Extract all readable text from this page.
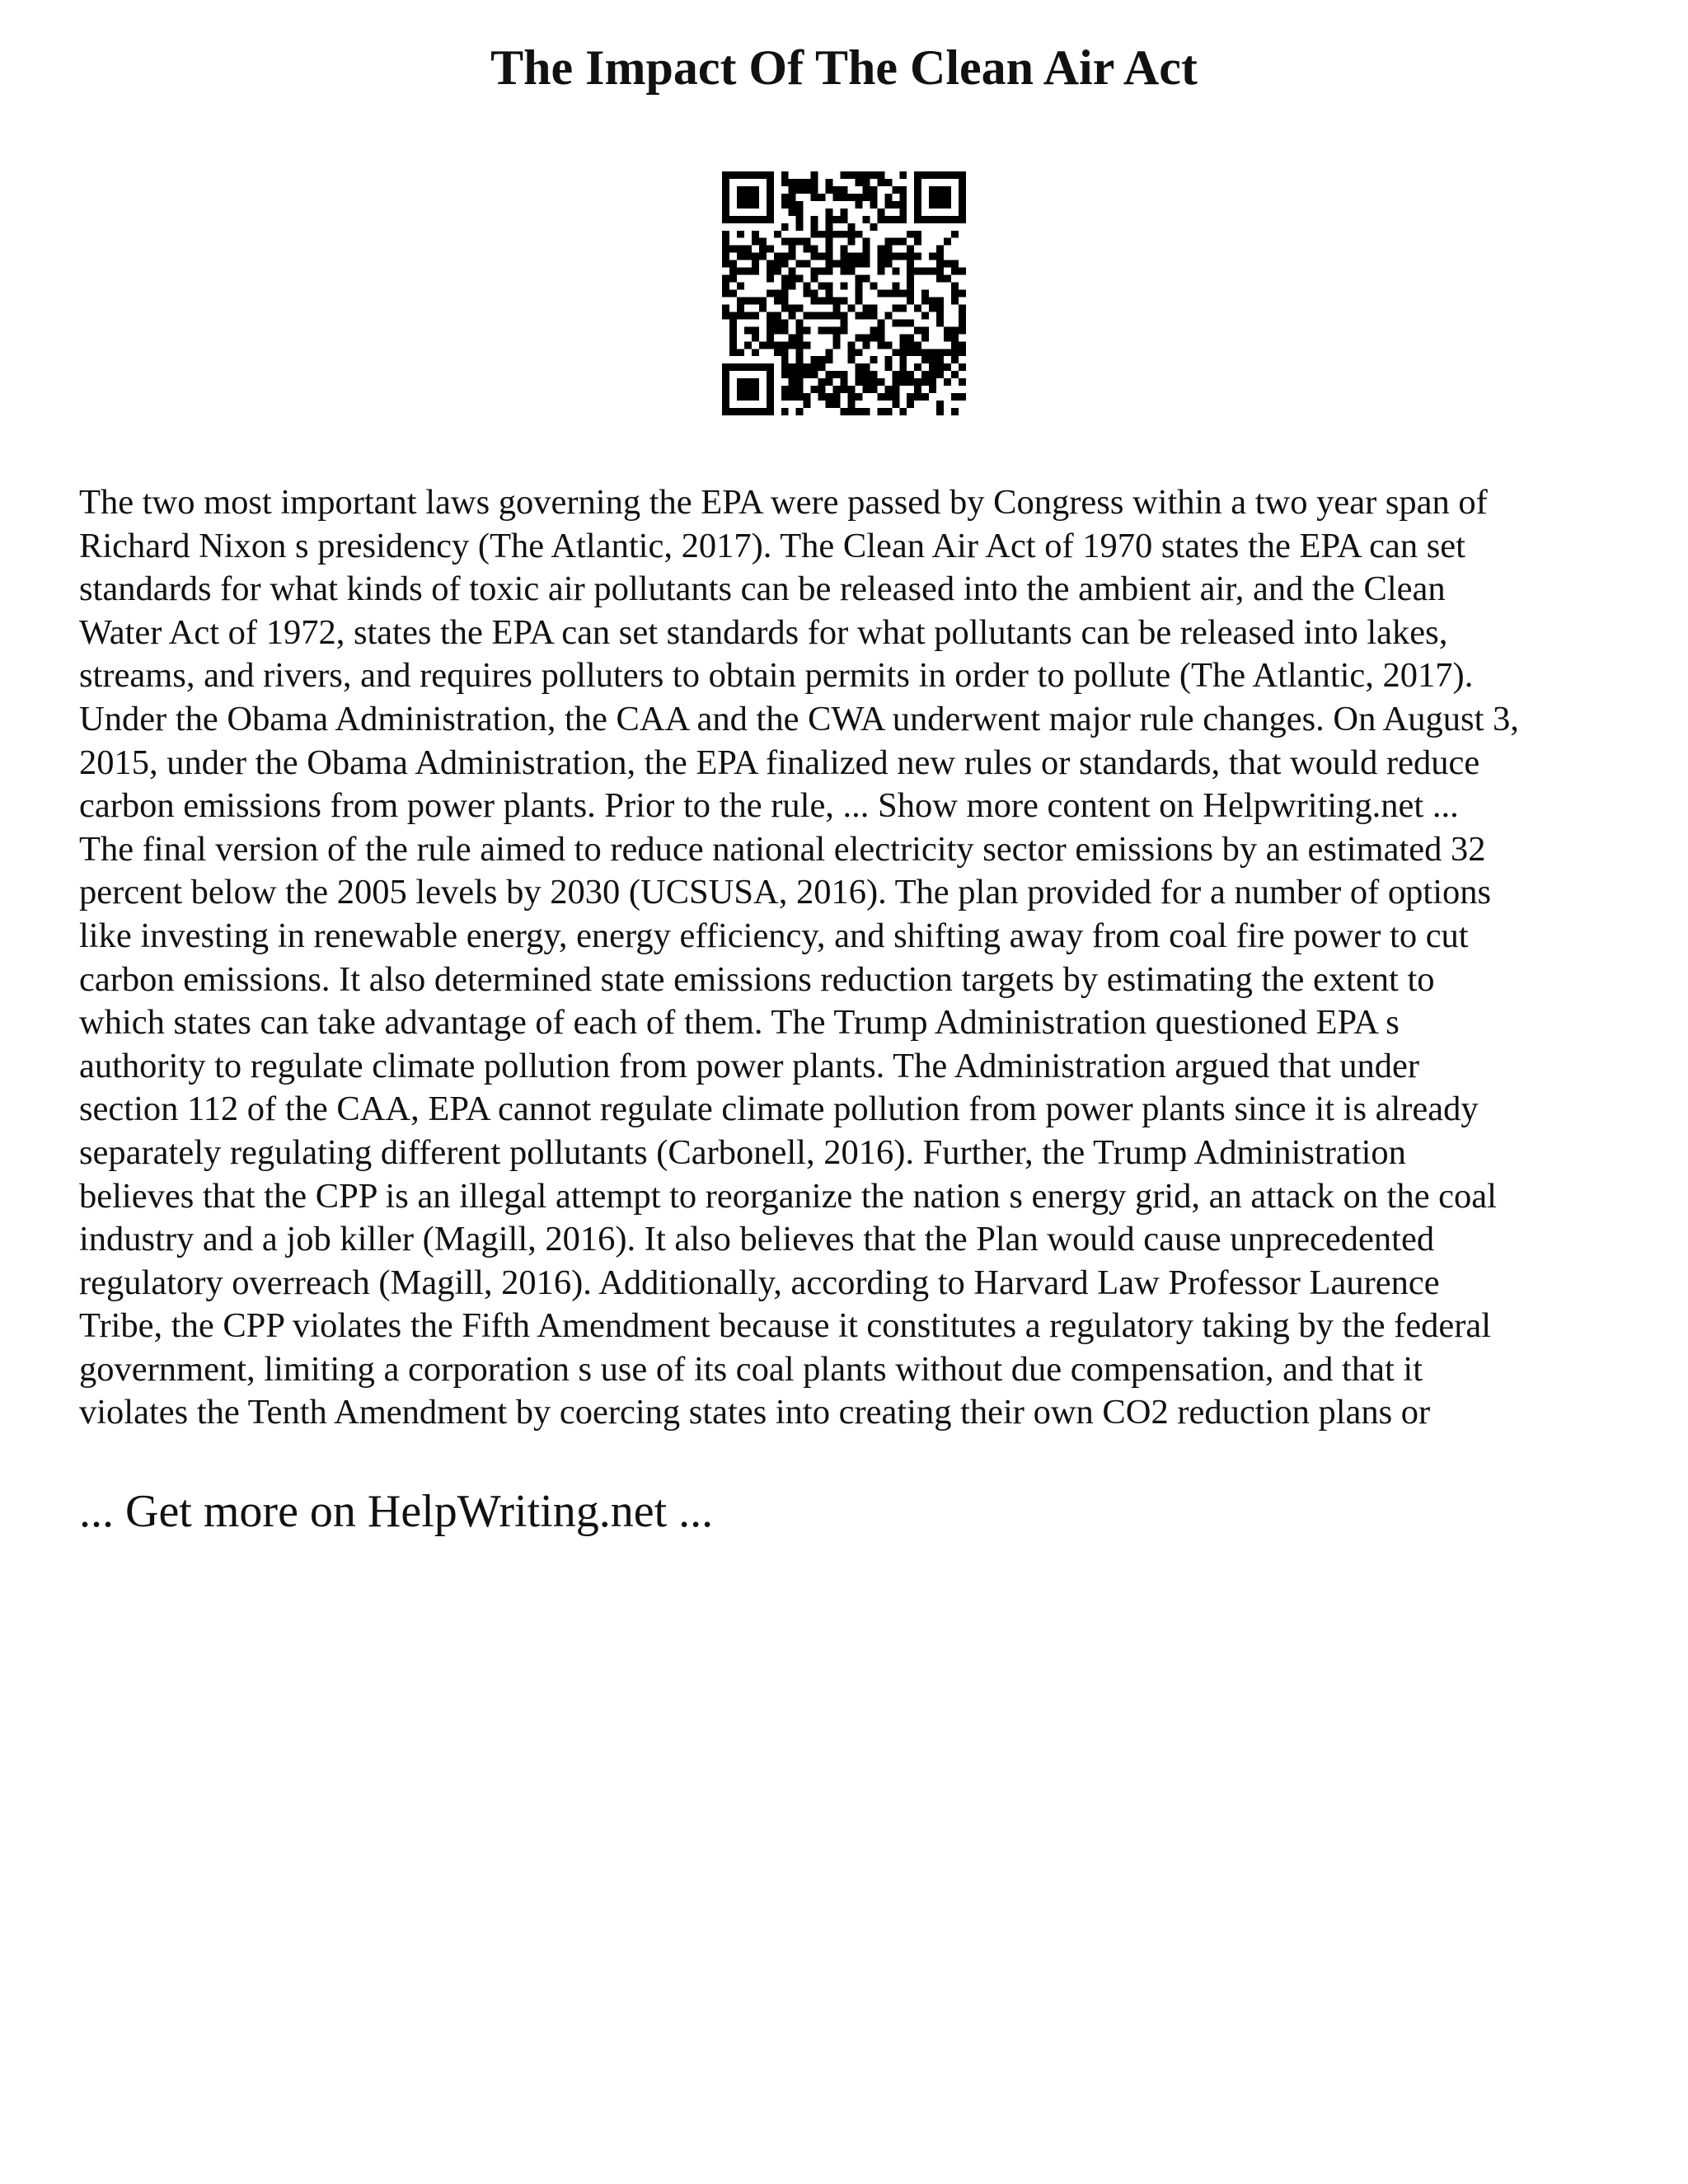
The Impact Of The Clean Air Act
The two most important laws governing the EPA were passed by Congress within a two year span of
Richard Nixon s presidency (The Atlantic, 2017). The Clean Air Act of 1970 states the EPA can set
standards for what kinds of toxic air pollutants can be released into the ambient air, and the Clean
Water Act of 1972, states the EPA can set standards for what pollutants can be released into lakes,
streams, and rivers, and requires polluters to obtain permits in order to pollute (The Atlantic, 2017).
Under the Obama Administration, the CAA and the CWA underwent major rule changes. On August 3,
2015, under the Obama Administration, the EPA finalized new rules or standards, that would reduce
carbon emissions from power plants. Prior to the rule, ... Show more content on Helpwriting.net ...
The final version of the rule aimed to reduce national electricity sector emissions by an estimated 32
percent below the 2005 levels by 2030 (UCSUSA, 2016). The plan provided for a number of options
like investing in renewable energy, energy efficiency, and shifting away from coal fire power to cut
carbon emissions. It also determined state emissions reduction targets by estimating the extent to
which states can take advantage of each of them. The Trump Administration questioned EPA s
authority to regulate climate pollution from power plants. The Administration argued that under
section 112 of the CAA, EPA cannot regulate climate pollution from power plants since it is already
separately regulating different pollutants (Carbonell, 2016). Further, the Trump Administration
believes that the CPP is an illegal attempt to reorganize the nation s energy grid, an attack on the coal
industry and a job killer (Magill, 2016). It also believes that the Plan would cause unprecedented
regulatory overreach (Magill, 2016). Additionally, according to Harvard Law Professor Laurence
Tribe, the CPP violates the Fifth Amendment because it constitutes a regulatory taking by the federal
government, limiting a corporation s use of its coal plants without due compensation, and that it
violates the Tenth Amendment by coercing states into creating their own CO2 reduction plans or
... Get more on HelpWriting.net ...
